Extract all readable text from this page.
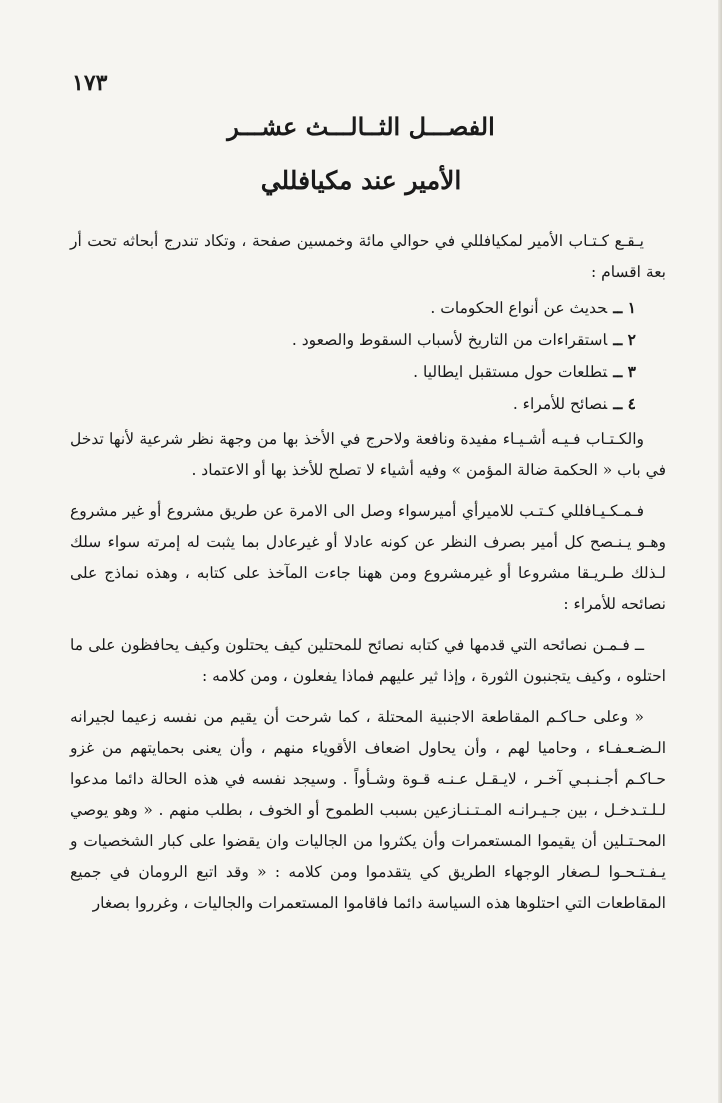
١٧٣
الفصـــل الثــالـــث عشـــر
الأمير عند مكيافللي

يـقـع كـتـاب الأمير لمكيافللي في حوالي مائة وخمسين صفحة ، وتكاد تندرج أبحاثه تحت أر بعة اقسام :

١ ــحديث عن أنواع الحكومات .
٢ ــاستقراءات من التاريخ لأسباب السقوط والصعود .
٣ ــتطلعات حول مستقبل ايطاليا .
٤ ــنصائح للأمراء .

والكـتـاب فـيـه أشـيـاء مفيدة ونافعة ولاحرج في الأخذ بها من وجهة نظر شرعية لأنها تدخل في باب « الحكمة ضالة المؤمن » وفيه أشياء لا تصلح للأخذ بها أو الاعتماد .

فـمـكـيـافللي كـتـب للاميرأي أميرسواء وصل الى الامرة عن طريق مشروع أو غير مشروع وهـو يـنـصح كل أمير بصرف النظر عن كونه عادلا أو غيرعادل بما يثبت له إمرته سواء سلك لـذلك طـريـقا مشروعا أو غيرمشروع ومن ههنا جاءت المآخذ على كتابه ، وهذه نماذج على نصائحه للأمراء :

ــ فـمـن نصائحه التي قدمها في كتابه نصائح للمحتلين كيف يحتلون وكيف يحافظون على ما احتلوه ، وكيف يتجنبون الثورة ، وإذا ثير عليهم فماذا يفعلون ، ومن كلامه :

« وعلى حـاكـم المقاطعة الاجنبية المحتلة ، كما شرحت أن يقيم من نفسه زعيما لجيرانه الـضـعـفـاء ، وحاميا لهم ، وأن يحاول اضعاف الأقوياء منهم ، وأن يعنى بحمايتهم من غزو حـاكـم أجـنـبـي آخـر ، لايـقـل عـنـه قـوة وشـأواً . وسيجد نفسه في هذه الحالة دائما مدعوا لـلـتـدخـل ، بين جـيـرانـه المـتـنـازعين بسبب الطموح أو الخوف ، بطلب منهم . « وهو يوصي المحـتـلين أن يقيموا المستعمرات وأن يكثروا من الجاليات وان يقضوا على كبار الشخصيات و يـفـتـحـوا لـصغار الوجهاء الطريق كي يتقدموا ومن كلامه : « وقد اتبع الرومان في جميع المقاطعات التي احتلوها هذه السياسة دائما فاقاموا المستعمرات والجاليات ، وغرروا بصغار
